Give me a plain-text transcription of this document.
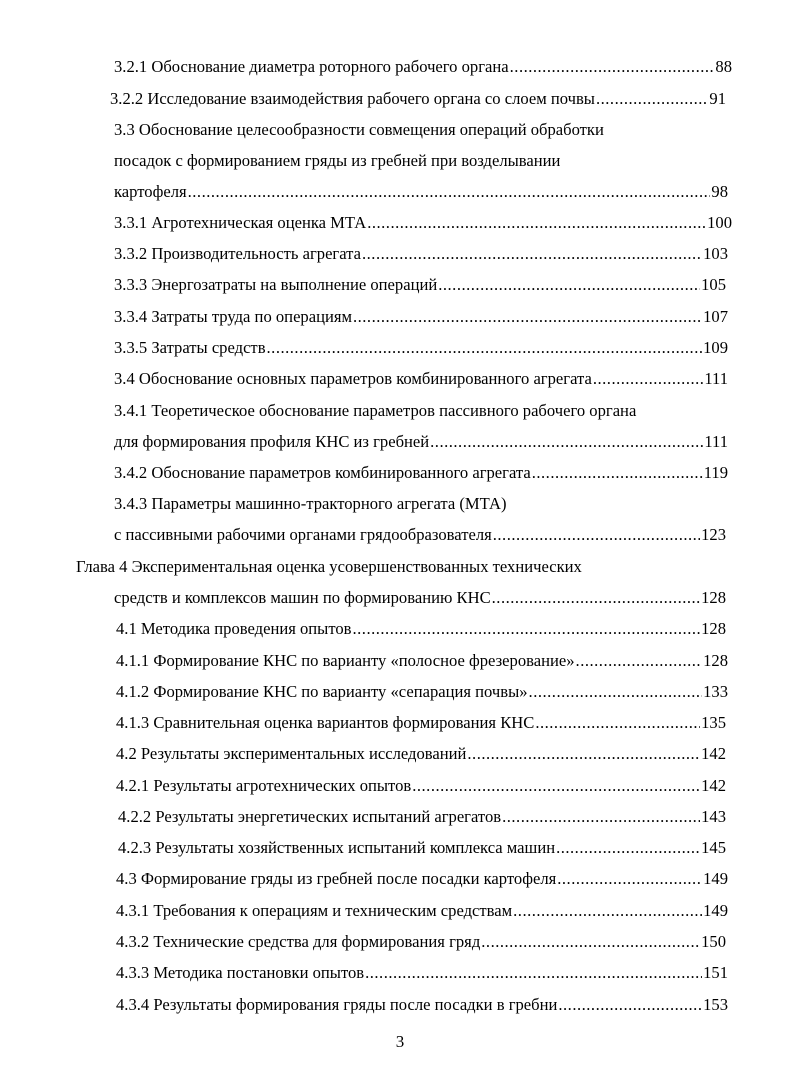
3.2.1 Обоснование диаметра роторного рабочего органа .....	88
3.2.2 Исследование взаимодействия рабочего органа со слоем почвы .....	91
3.3 Обоснование целесообразности совмещения операций обработки
посадок с формированием гряды из гребней при возделывании
картофеля .....	98
3.3.1 Агротехническая оценка МТА .....	100
3.3.2 Производительность агрегата .....	103
3.3.3 Энергозатраты на выполнение операций .....	105
3.3.4 Затраты труда по операциям .....	107
3.3.5 Затраты средств .....	109
3.4 Обоснование основных параметров комбинированного агрегата .....	111
3.4.1 Теоретическое обоснование параметров пассивного рабочего органа
для формирования профиля КНС из гребней .....	111
3.4.2 Обоснование параметров комбинированного агрегата .....	119
3.4.3 Параметры машинно-тракторного агрегата (МТА)
с пассивными рабочими органами грядообразователя .....	123
Глава 4 Экспериментальная оценка усовершенствованных технических
средств и комплексов машин по формированию КНС .....	128
4.1 Методика проведения опытов .....	128
4.1.1 Формирование КНС по варианту «полосное фрезерование» .....	128
4.1.2 Формирование КНС по варианту «сепарация почвы» .....	133
4.1.3 Сравнительная оценка вариантов формирования КНС .....	135
4.2 Результаты экспериментальных исследований .....	142
4.2.1 Результаты агротехнических опытов .....	142
4.2.2 Результаты энергетических испытаний агрегатов .....	143
4.2.3 Результаты хозяйственных испытаний комплекса машин .....	145
4.3 Формирование гряды из гребней после посадки картофеля .....	149
4.3.1 Требования к операциям и техническим средствам .....	149
4.3.2 Технические средства для формирования гряд .....	150
4.3.3 Методика постановки опытов .....	151
4.3.4 Результаты формирования гряды после посадки в гребни .....	153
3
